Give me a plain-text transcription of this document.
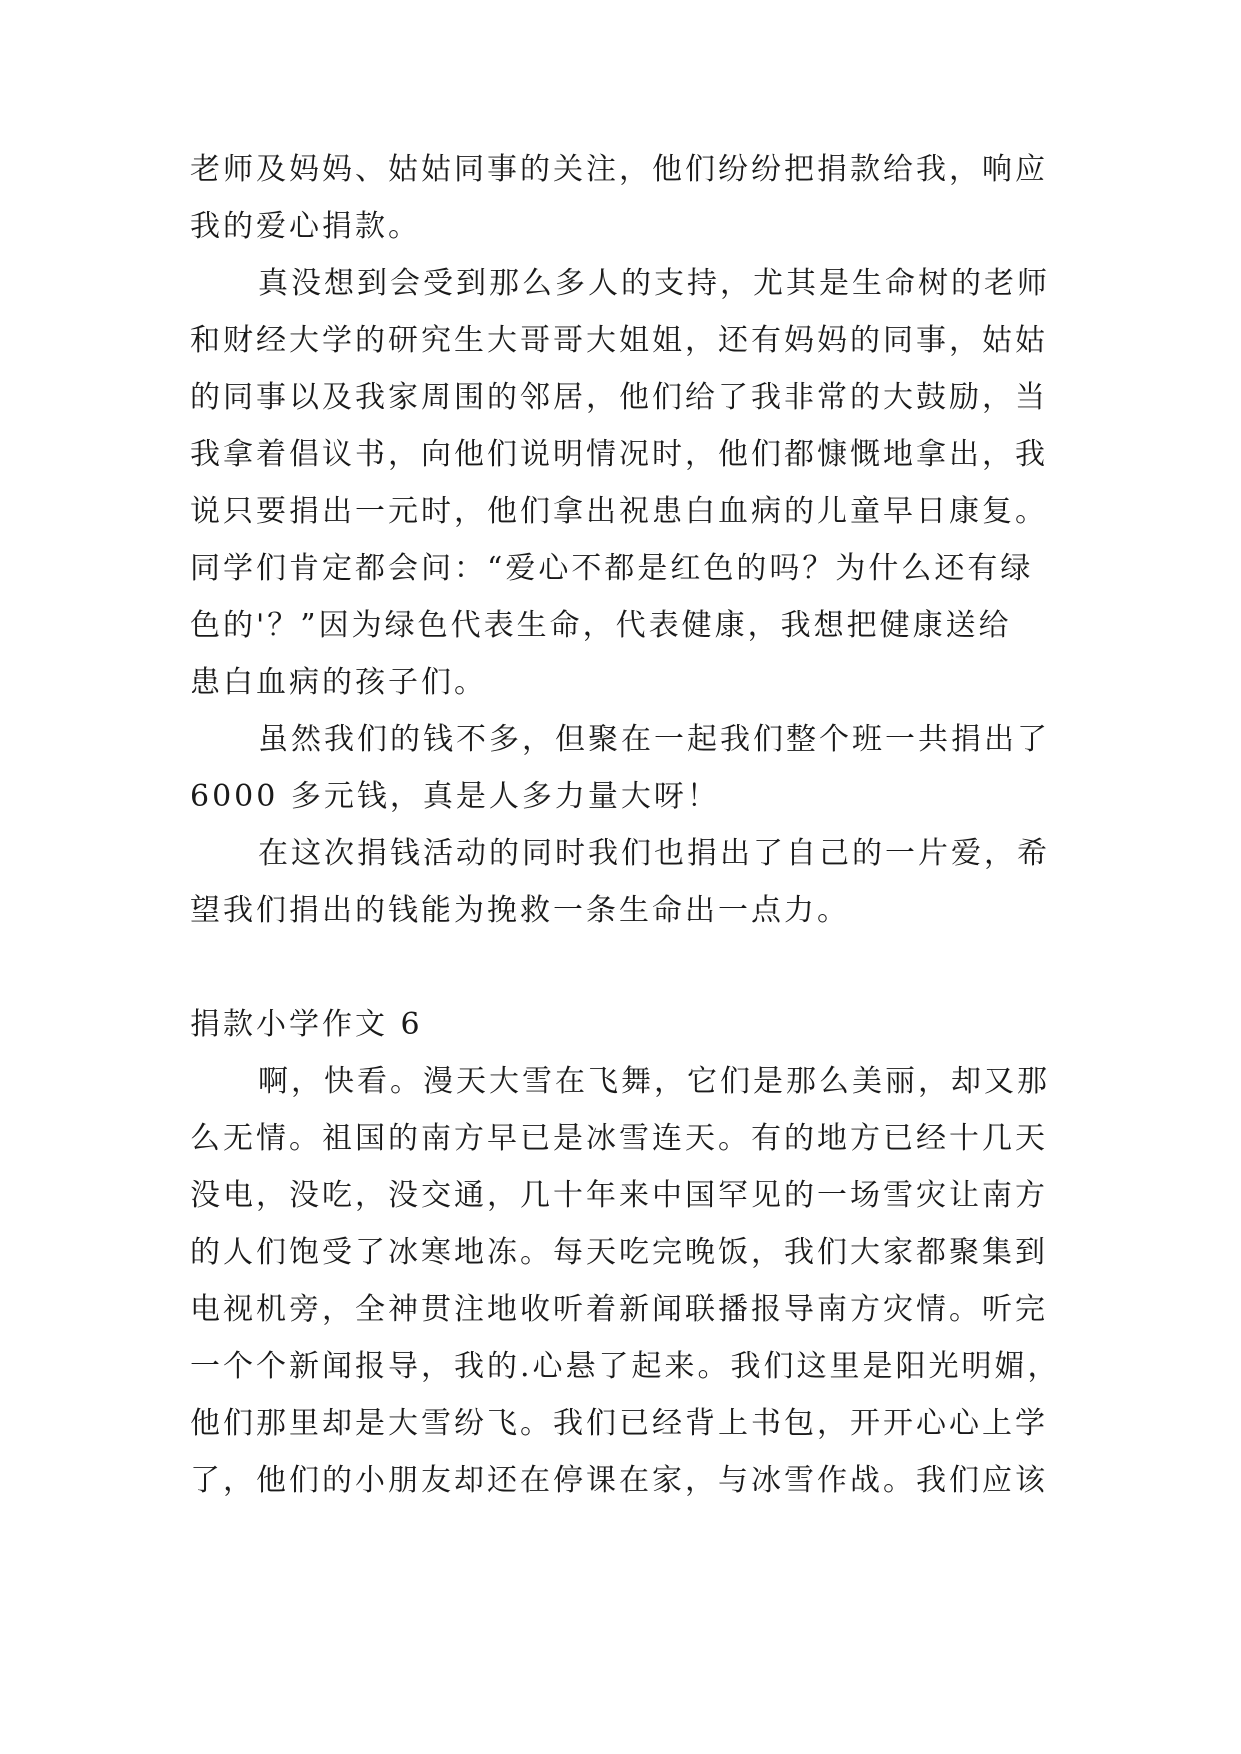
老师及妈妈、姑姑同事的关注，他们纷纷把捐款给我，响应
我的爱心捐款。
真没想到会受到那么多人的支持，尤其是生命树的老师
和财经大学的研究生大哥哥大姐姐，还有妈妈的同事，姑姑
的同事以及我家周围的邻居，他们给了我非常的大鼓励，当
我拿着倡议书，向他们说明情况时，他们都慷慨地拿出，我
说只要捐出一元时，他们拿出祝患白血病的儿童早日康复。
同学们肯定都会问：“爱心不都是红色的吗？为什么还有绿
色的'？”因为绿色代表生命，代表健康，我想把健康送给
患白血病的孩子们。
虽然我们的钱不多，但聚在一起我们整个班一共捐出了
6000 多元钱，真是人多力量大呀！
在这次捐钱活动的同时我们也捐出了自己的一片爱，希
望我们捐出的钱能为挽救一条生命出一点力。
捐款小学作文 6
啊，快看。漫天大雪在飞舞，它们是那么美丽，却又那
么无情。祖国的南方早已是冰雪连天。有的地方已经十几天
没电，没吃，没交通，几十年来中国罕见的一场雪灾让南方
的人们饱受了冰寒地冻。每天吃完晚饭，我们大家都聚集到
电视机旁，全神贯注地收听着新闻联播报导南方灾情。听完
一个个新闻报导，我的.心悬了起来。我们这里是阳光明媚，
他们那里却是大雪纷飞。我们已经背上书包，开开心心上学
了，他们的小朋友却还在停课在家，与冰雪作战。我们应该
